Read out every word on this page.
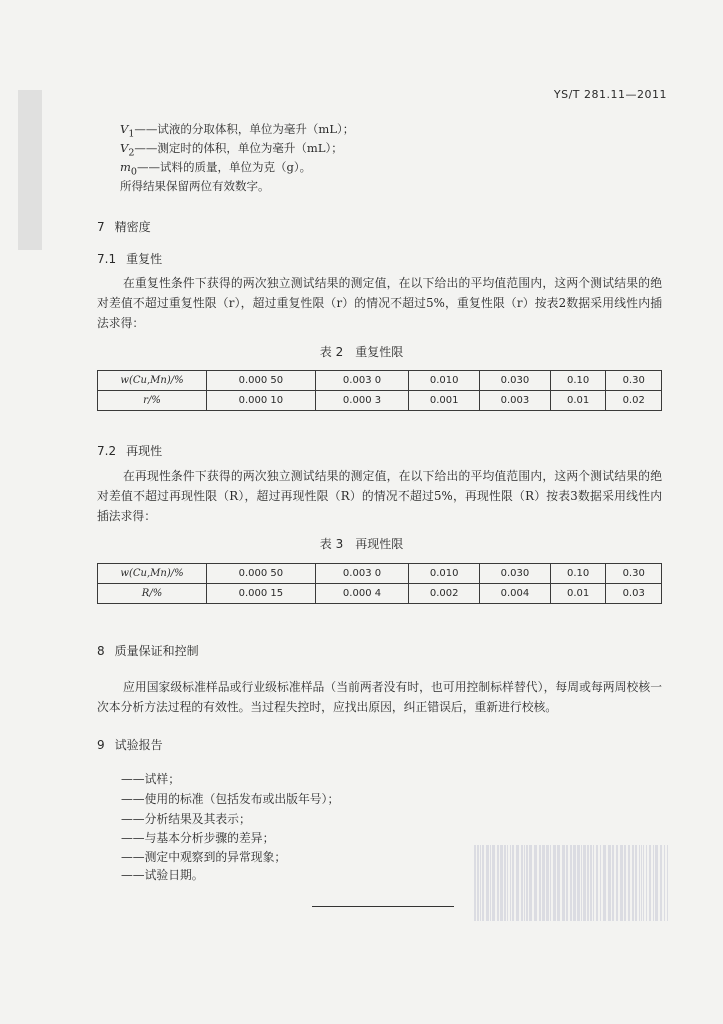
YS/T 281.11—2011
$V_1——$试液的分取体积，单位为毫升（mL）；
$V_2——$测定时的体积，单位为毫升（mL）；
$m_0——$试料的质量，单位为克（g）。
所得结果保留两位有效数字。
7 精密度
7.1 重复性
在重复性条件下获得的两次独立测试结果的测定值，在以下给出的平均值范围内，这两个测试结果的绝对差值不超过重复性限（r），超过重复性限（r）的情况不超过5%，重复性限（r）按表2数据采用线性内插法求得：
表 2　重复性限
w(Cu,Mn)/%	0.000 50	0.003 0	0.010	0.030	0.10	0.30
r/%	0.000 10	0.000 3	0.001	0.003	0.01	0.02
7.2 再现性
在再现性条件下获得的两次独立测试结果的测定值，在以下给出的平均值范围内，这两个测试结果的绝对差值不超过再现性限（R），超过再现性限（R）的情况不超过5%，再现性限（R）按表3数据采用线性内插法求得：
表 3　再现性限
w(Cu,Mn)/%	0.000 50	0.003 0	0.010	0.030	0.10	0.30
R/%	0.000 15	0.000 4	0.002	0.004	0.01	0.03
8 质量保证和控制
应用国家级标准样品或行业级标准样品（当前两者没有时，也可用控制标样替代），每周或每两周校核一次本分析方法过程的有效性。当过程失控时，应找出原因，纠正错误后，重新进行校核。
9 试验报告
——试样；
——使用的标准（包括发布或出版年号）；
——分析结果及其表示；
——与基本分析步骤的差异；
——测定中观察到的异常现象；
——试验日期。
